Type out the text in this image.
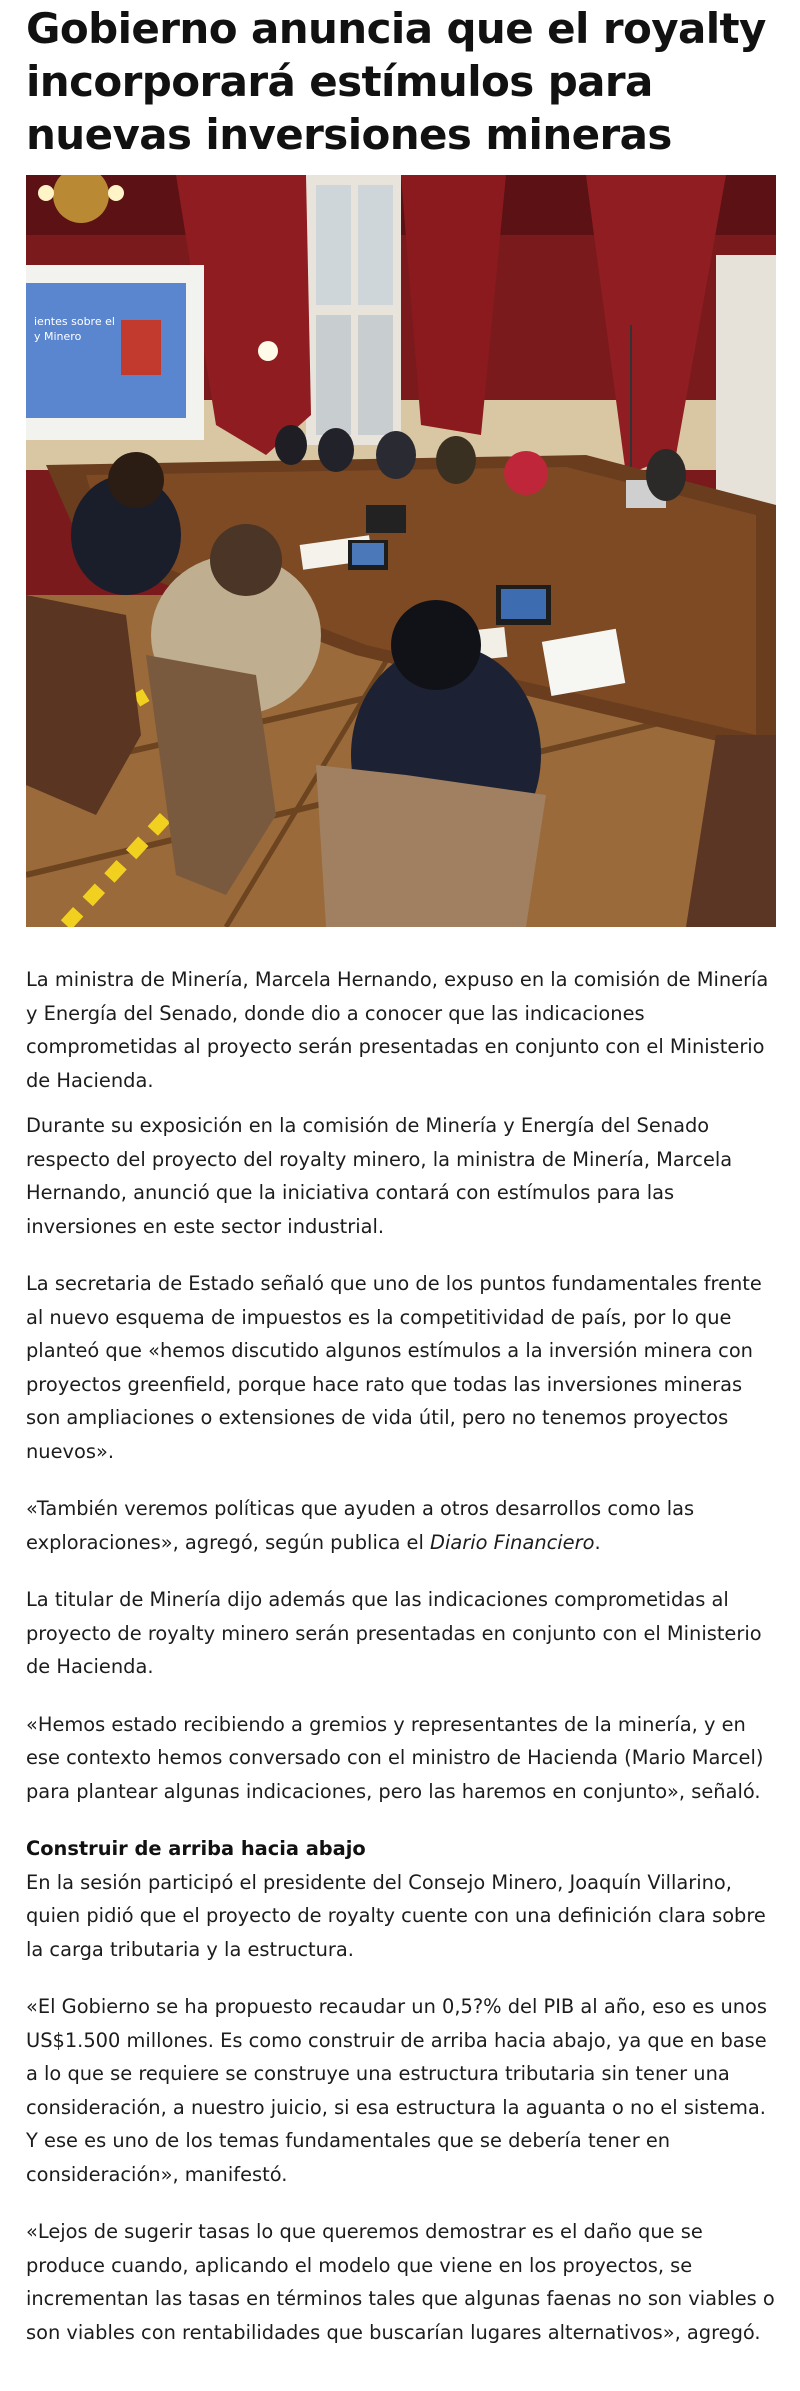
Gobierno anuncia que el royalty incorporará estímulos para nuevas inversiones mineras
ientes sobre el
y Minero

La ministra de Minería, Marcela Hernando, expuso en la comisión de Minería y Energía del Senado, donde dio a conocer que las indicaciones comprometidas al proyecto serán presentadas en conjunto con el Ministerio de Hacienda.

Durante su exposición en la comisión de Minería y Energía del Senado respecto del proyecto del royalty minero, la ministra de Minería, Marcela Hernando, anunció que la iniciativa contará con estímulos para las inversiones en este sector industrial.

La secretaria de Estado señaló que uno de los puntos fundamentales frente al nuevo esquema de impuestos es la competitividad de país, por lo que planteó que «hemos discutido algunos estímulos a la inversión minera con proyectos greenfield, porque hace rato que todas las inversiones mineras son ampliaciones o extensiones de vida útil, pero no tenemos proyectos nuevos».

«También veremos políticas que ayuden a otros desarrollos como las exploraciones», agregó, según publica el Diario Financiero.

La titular de Minería dijo además que las indicaciones comprometidas al proyecto de royalty minero serán presentadas en conjunto con el Ministerio de Hacienda.

«Hemos estado recibiendo a gremios y representantes de la minería, y en ese contexto hemos conversado con el ministro de Hacienda (Mario Marcel) para plantear algunas indicaciones, pero las haremos en conjunto», señaló.

Construir de arriba hacia abajo

En la sesión participó el presidente del Consejo Minero, Joaquín Villarino, quien pidió que el proyecto de royalty cuente con una definición clara sobre la carga tributaria y la estructura.

«El Gobierno se ha propuesto recaudar un 0,5?% del PIB al año, eso es unos US$1.500 millones. Es como construir de arriba hacia abajo, ya que en base a lo que se requiere se construye una estructura tributaria sin tener una consideración, a nuestro juicio, si esa estructura la aguanta o no el sistema. Y ese es uno de los temas fundamentales que se debería tener en consideración», manifestó.

«Lejos de sugerir tasas lo que queremos demostrar es el daño que se produce cuando, aplicando el modelo que viene en los proyectos, se incrementan las tasas en términos tales que algunas faenas no son viables o son viables con rentabilidades que buscarían lugares alternativos», agregó.
